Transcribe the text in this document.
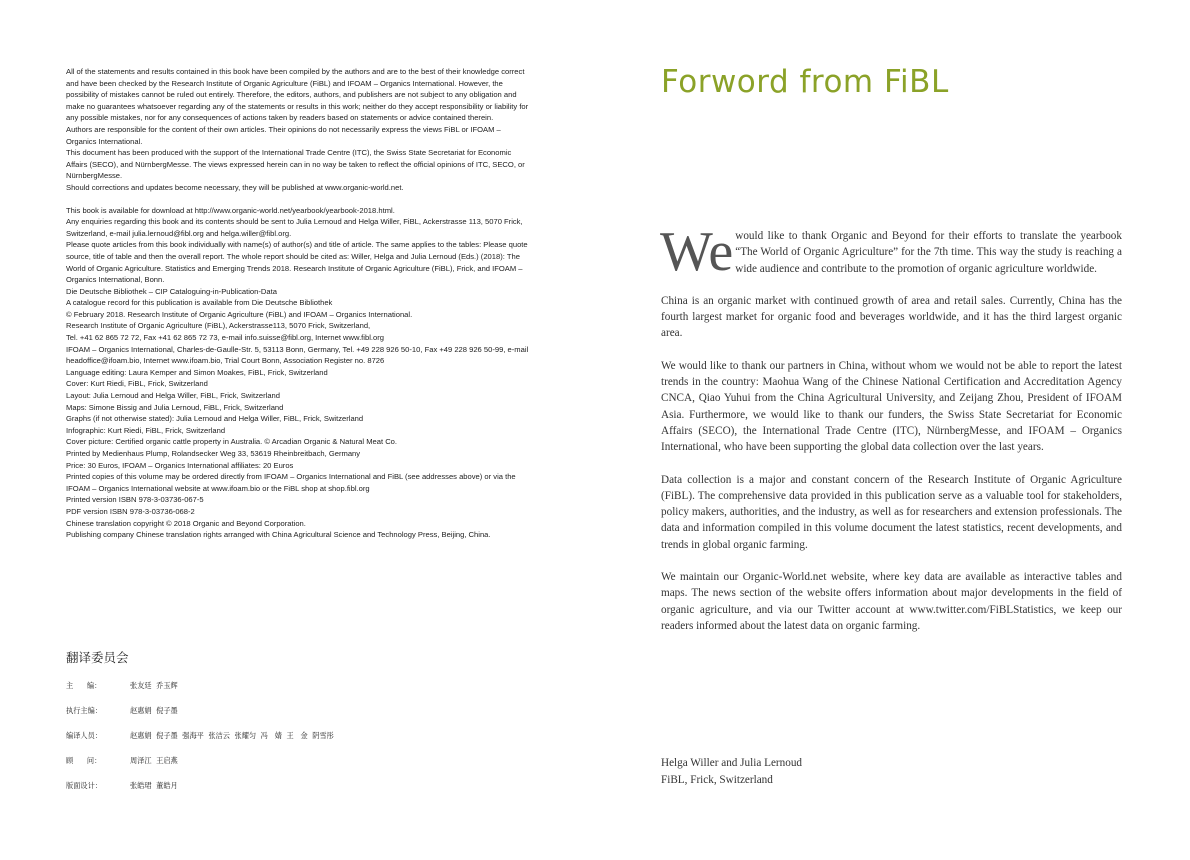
All of the statements and results contained in this book have been compiled by the authors and are to the best of their knowledge correct and have been checked by the Research Institute of Organic Agriculture (FiBL) and IFOAM – Organics International. However, the possibility of mistakes cannot be ruled out entirely. Therefore, the editors, authors, and publishers are not subject to any obligation and make no guarantees whatsoever regarding any of the statements or results in this work; neither do they accept responsibility or liability for any possible mistakes, nor for any consequences of actions taken by readers based on statements or advice contained therein.

Authors are responsible for the content of their own articles. Their opinions do not necessarily express the views FiBL or IFOAM – Organics International.

This document has been produced with the support of the International Trade Centre (ITC), the Swiss State Secretariat for Economic Affairs (SECO), and NürnbergMesse. The views expressed herein can in no way be taken to reflect the official opinions of ITC, SECO, or NürnbergMesse.

Should corrections and updates become necessary, they will be published at www.organic-world.net.

This book is available for download at http://www.organic-world.net/yearbook/yearbook-2018.html.

Any enquiries regarding this book and its contents should be sent to Julia Lernoud and Helga Willer, FiBL, Ackerstrasse 113, 5070 Frick, Switzerland, e-mail julia.lernoud@fibl.org and helga.willer@fibl.org.

Please quote articles from this book individually with name(s) of author(s) and title of article. The same applies to the tables: Please quote source, title of table and then the overall report. The whole report should be cited as: Willer, Helga and Julia Lernoud (Eds.) (2018): The World of Organic Agriculture. Statistics and Emerging Trends 2018. Research Institute of Organic Agriculture (FiBL), Frick, and IFOAM – Organics International, Bonn.

Die Deutsche Bibliothek – CIP Cataloguing-in-Publication-Data

A catalogue record for this publication is available from Die Deutsche Bibliothek

© February 2018. Research Institute of Organic Agriculture (FiBL) and IFOAM – Organics International.

Research Institute of Organic Agriculture (FiBL), Ackerstrasse113, 5070 Frick, Switzerland,

Tel. +41 62 865 72 72, Fax +41 62 865 72 73, e-mail info.suisse@fibl.org, Internet www.fibl.org

IFOAM – Organics International, Charles-de-Gaulle-Str. 5, 53113 Bonn, Germany, Tel. +49 228 926 50-10, Fax +49 228 926 50-99, e-mail headoffice@ifoam.bio, Internet www.ifoam.bio, Trial Court Bonn, Association Register no. 8726

Language editing: Laura Kemper and Simon Moakes, FiBL, Frick, Switzerland

Cover: Kurt Riedi, FiBL, Frick, Switzerland

Layout: Julia Lernoud and Helga Willer, FiBL, Frick, Switzerland

Maps: Simone Bissig and Julia Lernoud, FiBL, Frick, Switzerland

Graphs (if not otherwise stated): Julia Lernoud and Helga Willer, FiBL, Frick, Switzerland

Infographic: Kurt Riedi, FiBL, Frick, Switzerland

Cover picture: Certified organic cattle property in Australia. © Arcadian Organic & Natural Meat Co.

Printed by Medienhaus Plump, Rolandsecker Weg 33, 53619 Rheinbreitbach, Germany

Price: 30 Euros, IFOAM – Organics International affiliates: 20 Euros

Printed copies of this volume may be ordered directly from IFOAM – Organics International and FiBL (see addresses above) or via the IFOAM – Organics International website at www.ifoam.bio or the FiBL shop at shop.fibl.org

Printed version ISBN 978-3-03736-067-5

PDF version ISBN 978-3-03736-068-2

Chinese translation copyright © 2018 Organic and Beyond Corporation.

Publishing company Chinese translation rights arranged with China Agricultural Science and Technology Press, Beijing, China.

翻译委员会
主      编：	张友廷  乔玉辉
执行主编：	赵惠娟  倪子墨
编译人员：	赵惠娟  倪子墨  强海平  张洁云  张耀匀  冯   婧  王   金  阴雪彤
顾      问：	周泽江  王启燕
版面设计：	张皓珺  董皓月
Forword from FiBL

We would like to thank Organic and Beyond for their efforts to translate the yearbook “The World of Organic Agriculture” for the 7th time. This way the study is reaching a wide audience and contribute to the promotion of organic agriculture worldwide.

China is an organic market with continued growth of area and retail sales. Currently, China has the fourth largest market for organic food and beverages worldwide, and it has the third largest organic area.

We would like to thank our partners in China, without whom we would not be able to report the latest trends in the country: Maohua Wang of the Chinese National Certification and Accreditation Agency CNCA, Qiao Yuhui from the China Agricultural University, and Zeijang Zhou, President of IFOAM Asia. Furthermore, we would like to thank our funders, the Swiss State Secretariat for Economic Affairs (SECO), the International Trade Centre (ITC), NürnbergMesse, and IFOAM – Organics International, who have been supporting the global data collection over the last years.

Data collection is a major and constant concern of the Research Institute of Organic Agriculture (FiBL). The comprehensive data provided in this publication serve as a valuable tool for stakeholders, policy makers, authorities, and the industry, as well as for researchers and extension professionals. The data and information compiled in this volume document the latest statistics, recent developments, and trends in global organic farming.

We maintain our Organic-World.net website, where key data are available as interactive tables and maps. The news section of the website offers information about major developments in the field of organic agriculture, and via our Twitter account at www.twitter.com/FiBLStatistics, we keep our readers informed about the latest data on organic farming.

Helga Willer and Julia Lernoud

FiBL, Frick, Switzerland
